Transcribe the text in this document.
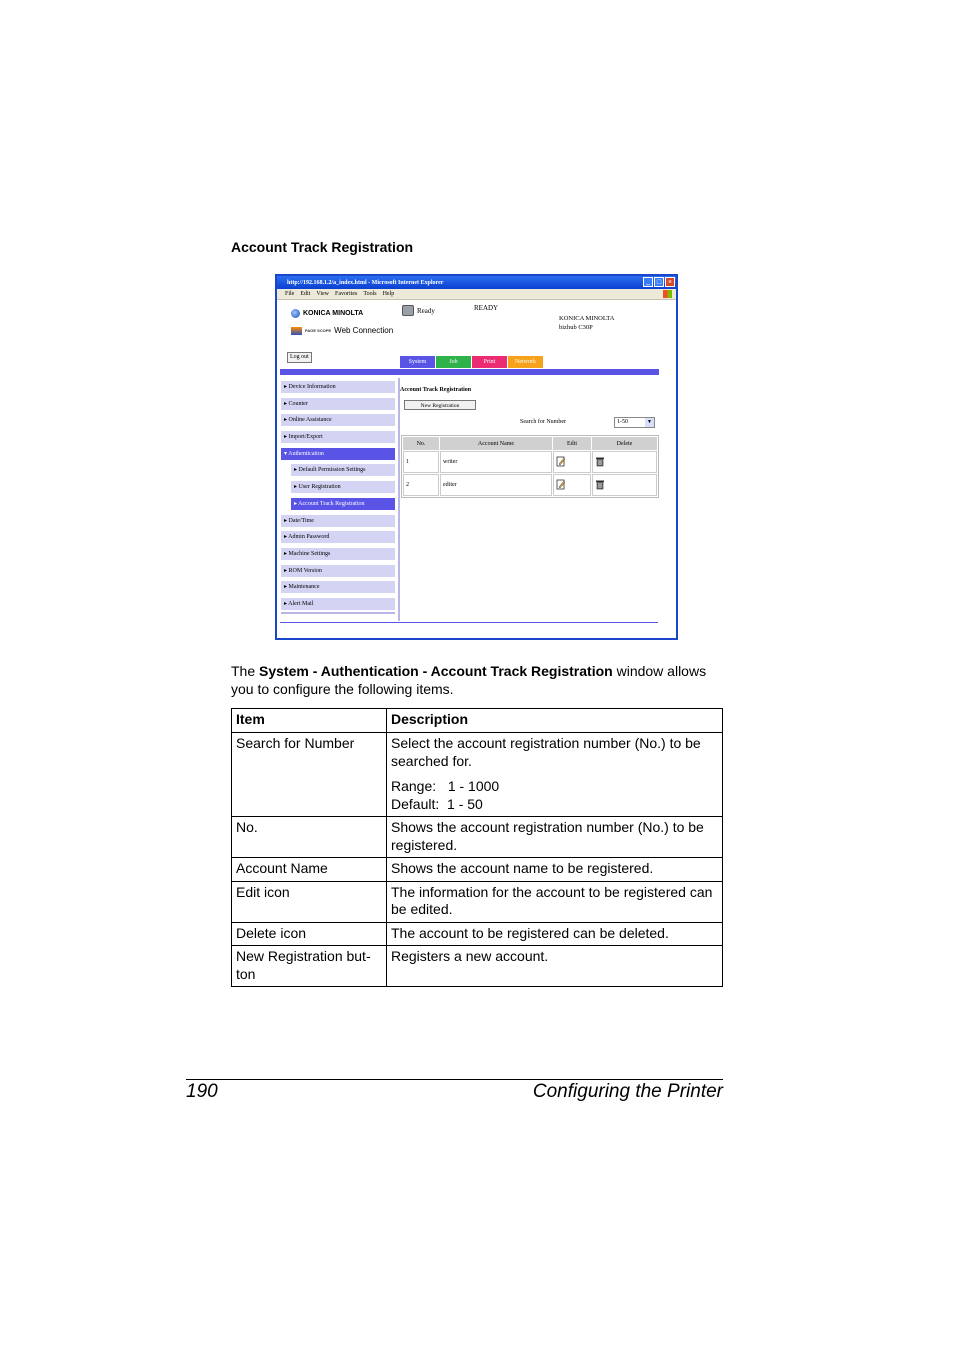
Account Track Registration
http://192.168.1.2/a_index.html - Microsoft Internet Explorer	_	□ ×
File Edit View Favorites Tools Help
KONICA MINOLTA
PAGE SCOPE Web Connection
Ready	READY
KONICA MINOLTA
bizhub C30P
Log out
System	Job	Print	Network
▸ Device Information
▸ Counter
▸ Online Assistance
▸ Import/Export
▾ Authentication
▸ Default Permission Settings
▸ User Registration
▸ Account Track Registration
▸ Date/Time
▸ Admin Password
▸ Machine Settings
▸ ROM Version
▸ Maintenance
▸ Alert Mail
Account Track Registration
New Registration
Search for Number	1-50	▼
No.	Account Name	Edit	Delete
1	writer		
2	editer		
The System - Authentication - Account Track Registration window allows you to configure the following items.
Item	Description
Search for Number	Select the account registration number (No.) to be searched for.
Range:   1 - 1000
Default:  1 - 50

No.	Shows the account registration number (No.) to be registered.
Account Name	Shows the account name to be registered.
Edit icon	The information for the account to be registered can be edited.
Delete icon	The account to be registered can be deleted.
New Registration but-ton	Registers a new account.
190	Configuring the Printer
